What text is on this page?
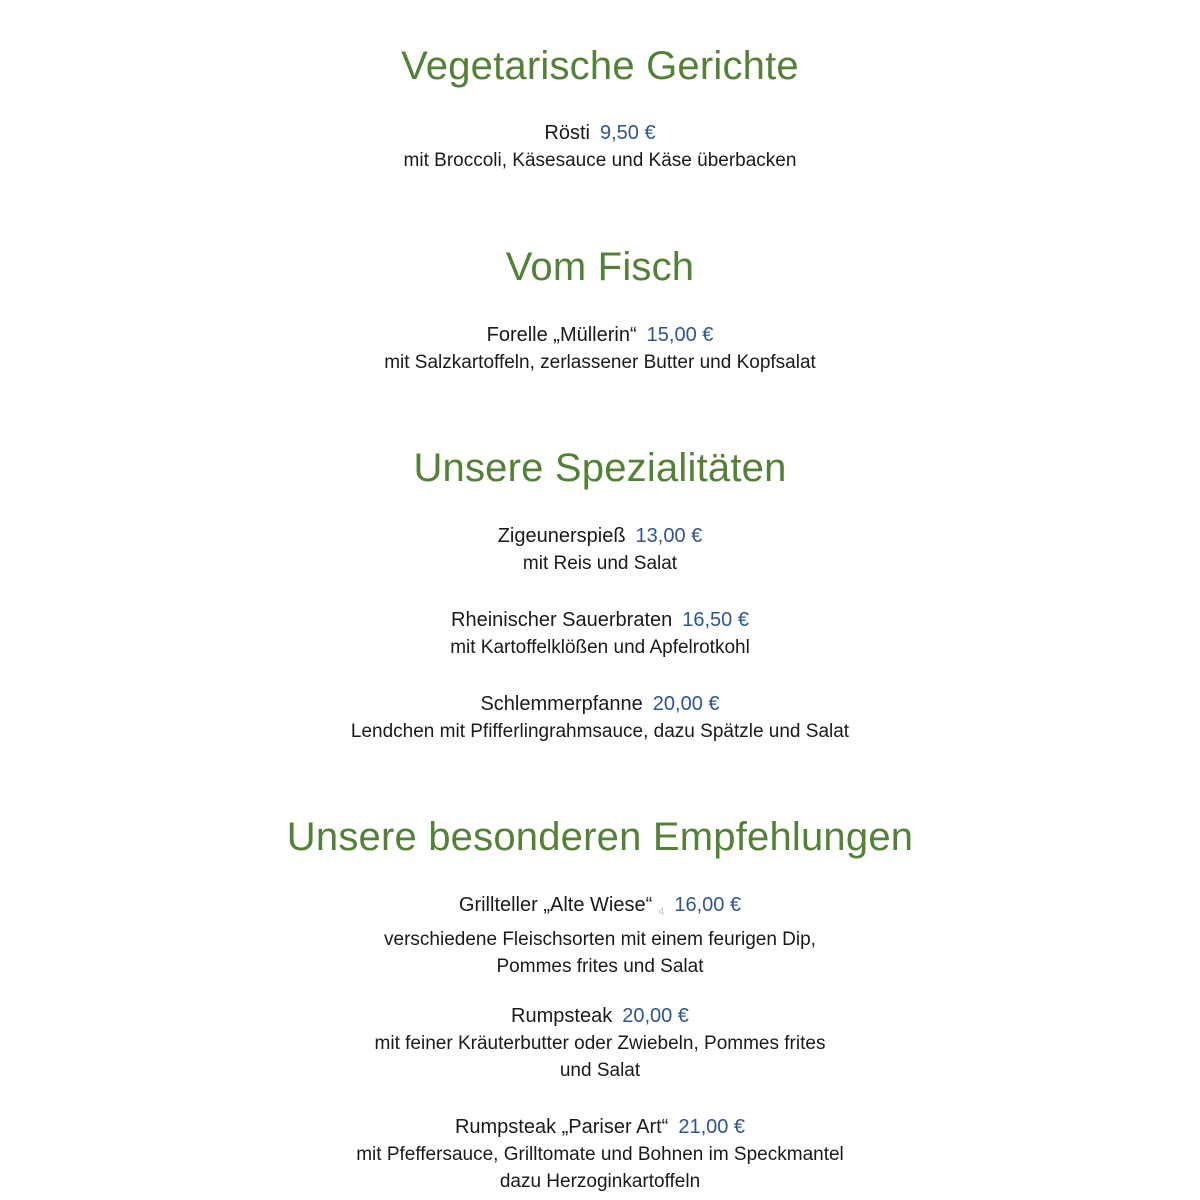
Vegetarische Gerichte
Rösti 9,50 €
mit Broccoli, Käsesauce und Käse überbacken
Vom Fisch
Forelle „Müllerin“ 15,00 €
mit Salzkartoffeln, zerlassener Butter und Kopfsalat
Unsere Spezialitäten
Zigeunerspieß 13,00 €
mit Reis und Salat
Rheinischer Sauerbraten 16,50 €
mit Kartoffelklößen und Apfelrotkohl
Schlemmerpfanne 20,00 €
Lendchen mit Pfifferlingrahmsauce, dazu Spätzle und Salat
Unsere besonderen Empfehlungen
Grillteller „Alte Wiese“ $_4$ 16,00 €
verschiedene Fleischsorten mit einem feurigen Dip,
Pommes frites und Salat
Rumpsteak 20,00 €
mit feiner Kräuterbutter oder Zwiebeln, Pommes frites
und Salat
Rumpsteak „Pariser Art“ 21,00 €
mit Pfeffersauce, Grilltomate und Bohnen im Speckmantel
dazu Herzoginkartoffeln
